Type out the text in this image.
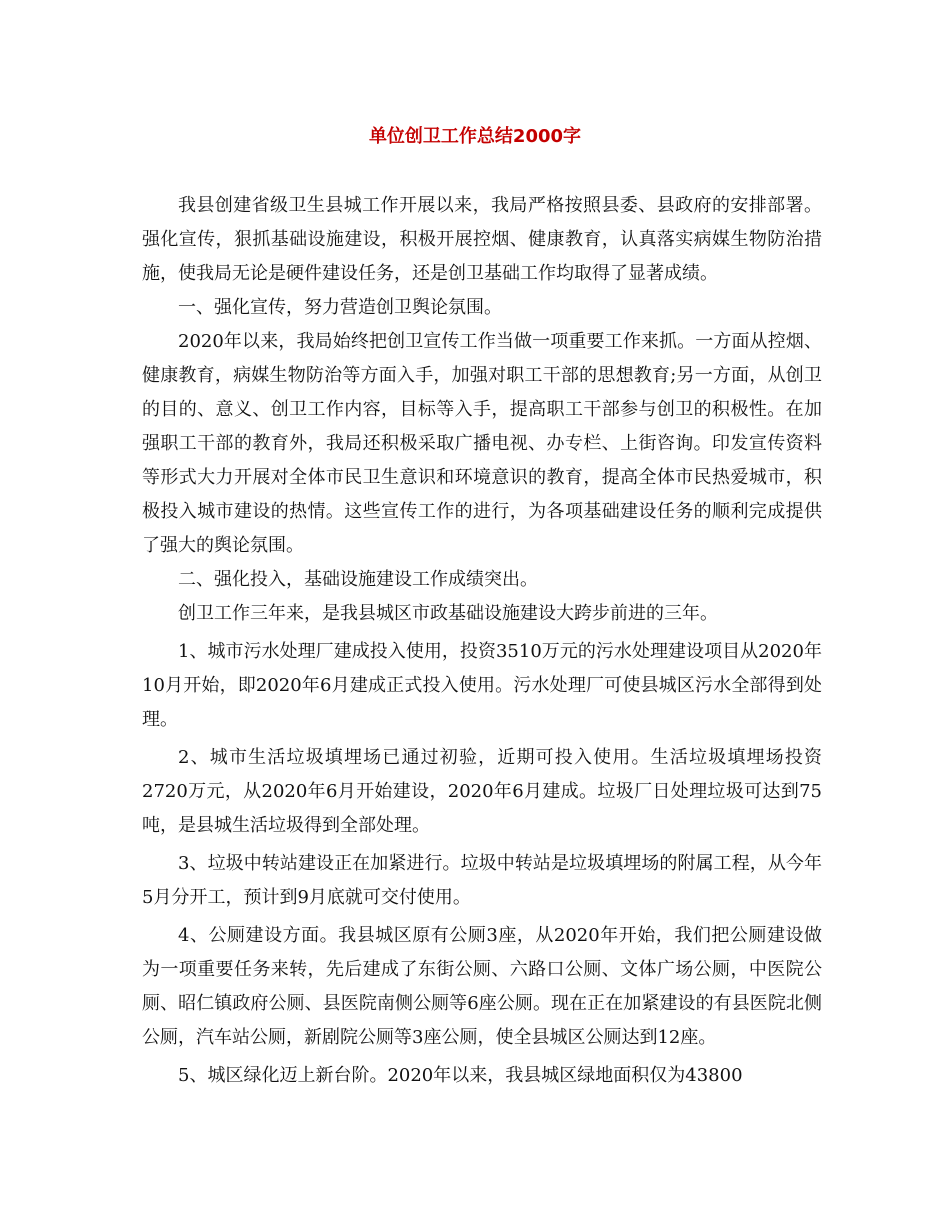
单位创卫工作总结2000字

我县创建省级卫生县城工作开展以来，我局严格按照县委、县政府的安排部署。强化宣传，狠抓基础设施建设，积极开展控烟、健康教育，认真落实病媒生物防治措施，使我局无论是硬件建设任务，还是创卫基础工作均取得了显著成绩。

一、强化宣传，努力营造创卫舆论氛围。

2020年以来，我局始终把创卫宣传工作当做一项重要工作来抓。一方面从控烟、健康教育，病媒生物防治等方面入手，加强对职工干部的思想教育;另一方面，从创卫的目的、意义、创卫工作内容，目标等入手，提高职工干部参与创卫的积极性。在加强职工干部的教育外，我局还积极采取广播电视、办专栏、上街咨询。印发宣传资料等形式大力开展对全体市民卫生意识和环境意识的教育，提高全体市民热爱城市，积极投入城市建设的热情。这些宣传工作的进行，为各项基础建设任务的顺利完成提供了强大的舆论氛围。

二、强化投入，基础设施建设工作成绩突出。

创卫工作三年来，是我县城区市政基础设施建设大跨步前进的三年。

1、城市污水处理厂建成投入使用，投资3510万元的污水处理建设项目从2020年10月开始，即2020年6月建成正式投入使用。污水处理厂可使县城区污水全部得到处理。

2、城市生活垃圾填埋场已通过初验，近期可投入使用。生活垃圾填埋场投资2720万元，从2020年6月开始建设，2020年6月建成。垃圾厂日处理垃圾可达到75吨，是县城生活垃圾得到全部处理。

3、垃圾中转站建设正在加紧进行。垃圾中转站是垃圾填埋场的附属工程，从今年5月分开工，预计到9月底就可交付使用。

4、公厕建设方面。我县城区原有公厕3座，从2020年开始，我们把公厕建设做为一项重要任务来转，先后建成了东街公厕、六路口公厕、文体广场公厕，中医院公厕、昭仁镇政府公厕、县医院南侧公厕等6座公厕。现在正在加紧建设的有县医院北侧公厕，汽车站公厕，新剧院公厕等3座公厕，使全县城区公厕达到12座。

5、城区绿化迈上新台阶。2020年以来，我县城区绿地面积仅为43800
